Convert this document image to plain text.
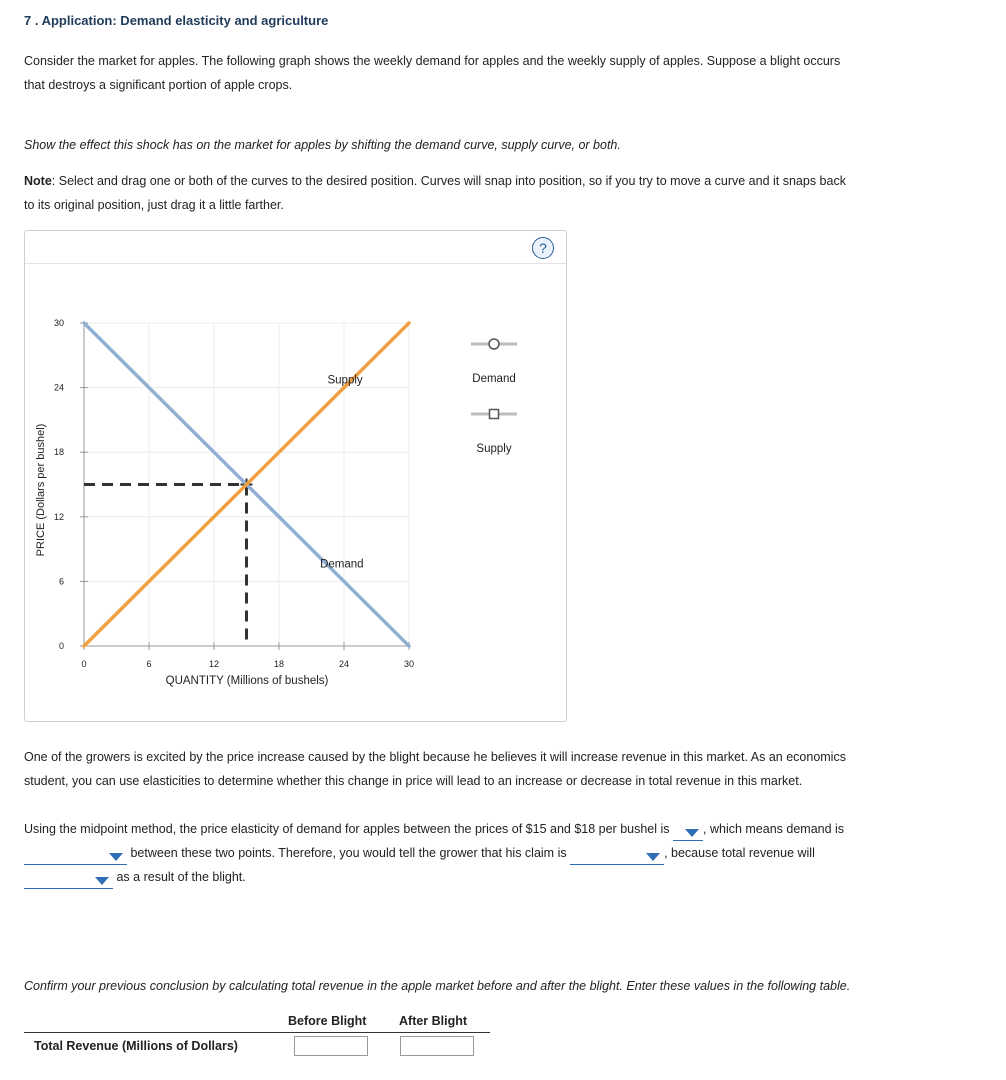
7 . Application: Demand elasticity and agriculture
Consider the market for apples. The following graph shows the weekly demand for apples and the weekly supply of apples. Suppose a blight occurs
that destroys a significant portion of apple crops.
Show the effect this shock has on the market for apples by shifting the demand curve, supply curve, or both.
Note: Select and drag one or both of the curves to the desired position. Curves will snap into position, so if you try to move a curve and it snaps back
to its original position, just drag it a little farther.
?
0
6
12
18
24
30
0	6	12	18	24	30
Supply
Demand
Demand
Supply
PRICE (Dollars per bushel)
QUANTITY (Millions of bushels)
One of the growers is excited by the price increase caused by the blight because he believes it will increase revenue in this market. As an economics
student, you can use elasticities to determine whether this change in price will lead to an increase or decrease in total revenue in this market.
Using the midpoint method, the price elasticity of demand for apples between the prices of $15 and $18 per bushel is	, which means demand is
between these two points. Therefore, you would tell the grower that his claim is	, because total revenue will
as a result of the blight.
Confirm your previous conclusion by calculating total revenue in the apple market before and after the blight. Enter these values in the following table.
Before Blight	After Blight
Total Revenue (Millions of Dollars)
